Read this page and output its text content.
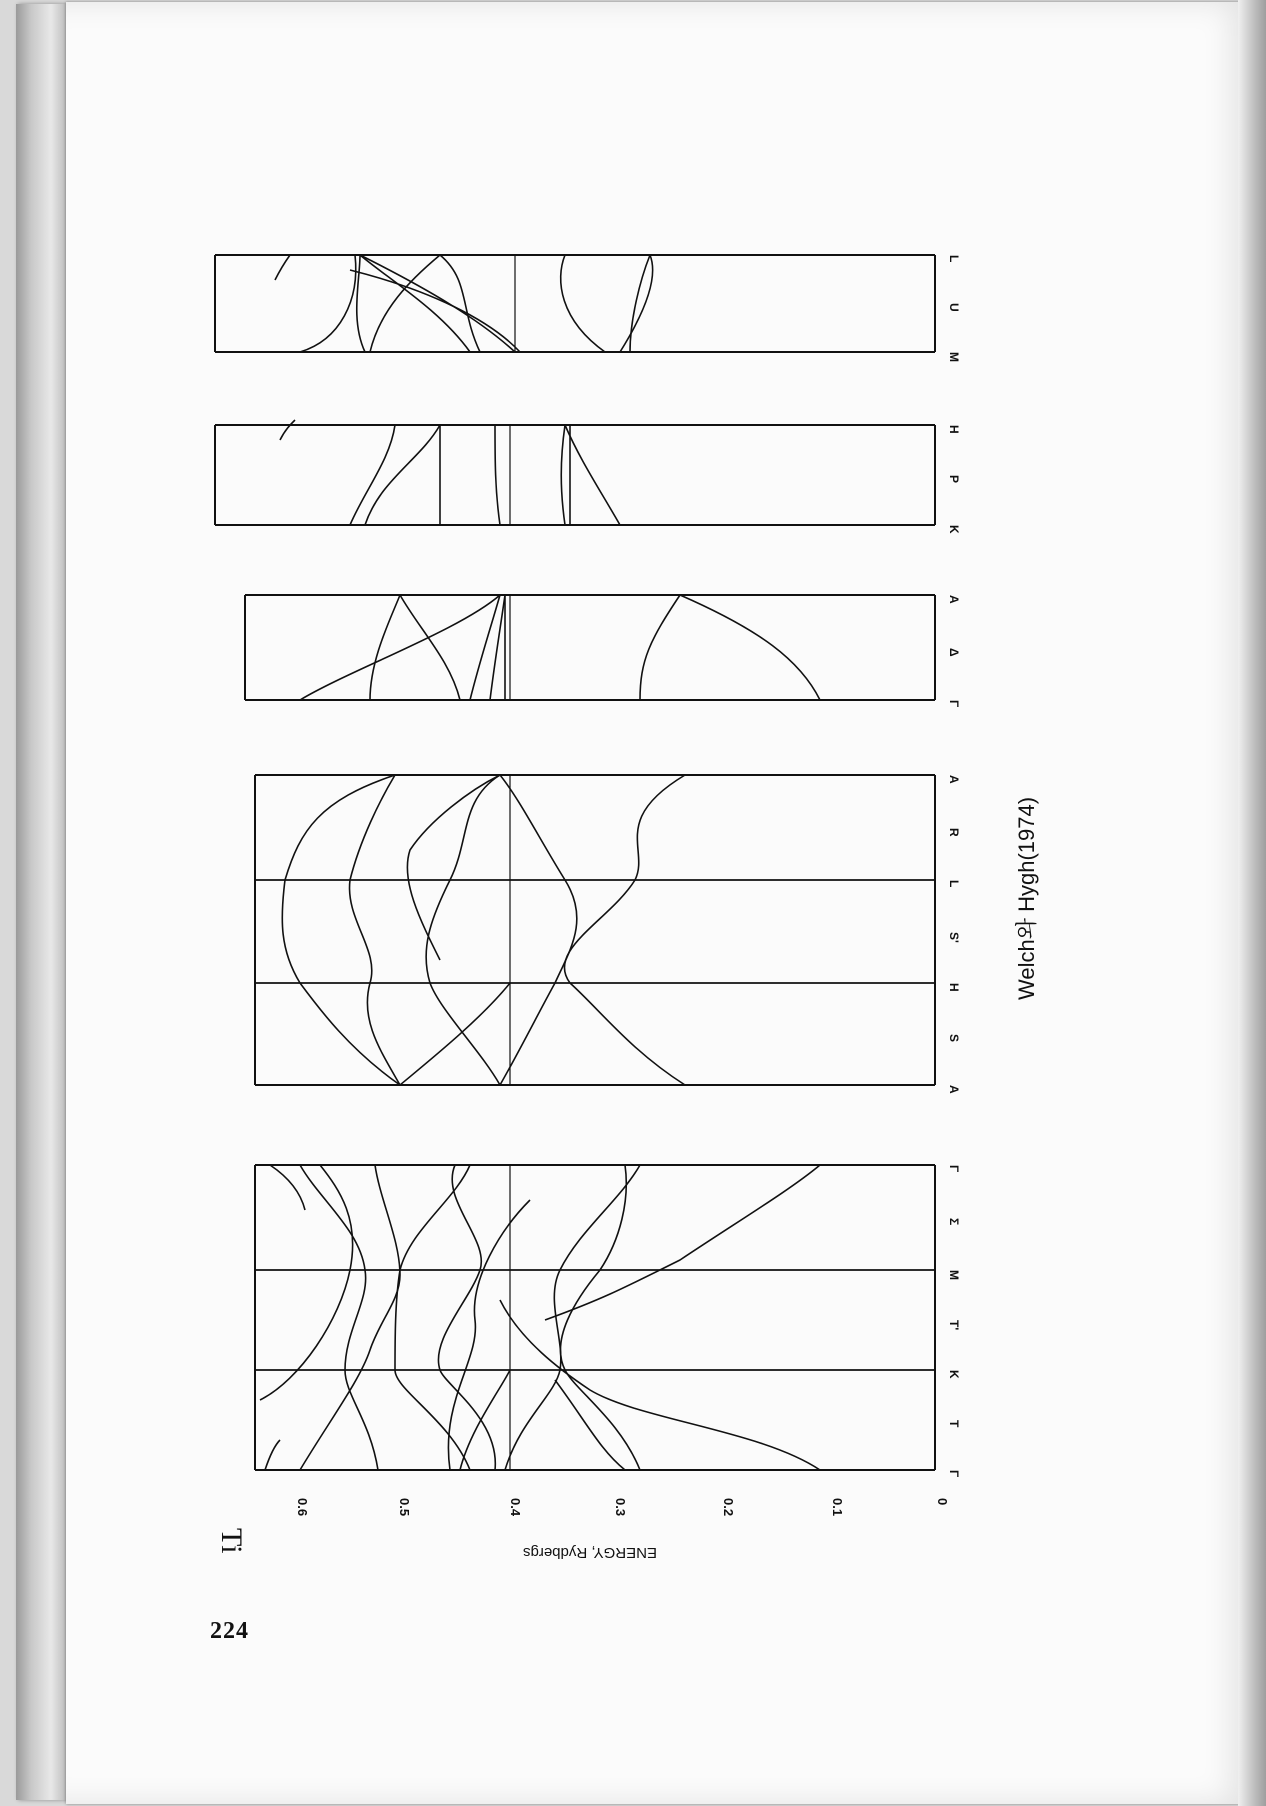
Ti
0.6	0.5	0.4	0.3	0.2	0.1	0
ENERGY, Rydbergs
Γ
T
K
T'
M
Σ
Γ
A
S
H
S'
L
R
A
Γ
Δ
A
K
P
H
M
U
L
Welch와 Hygh(1974)
224
